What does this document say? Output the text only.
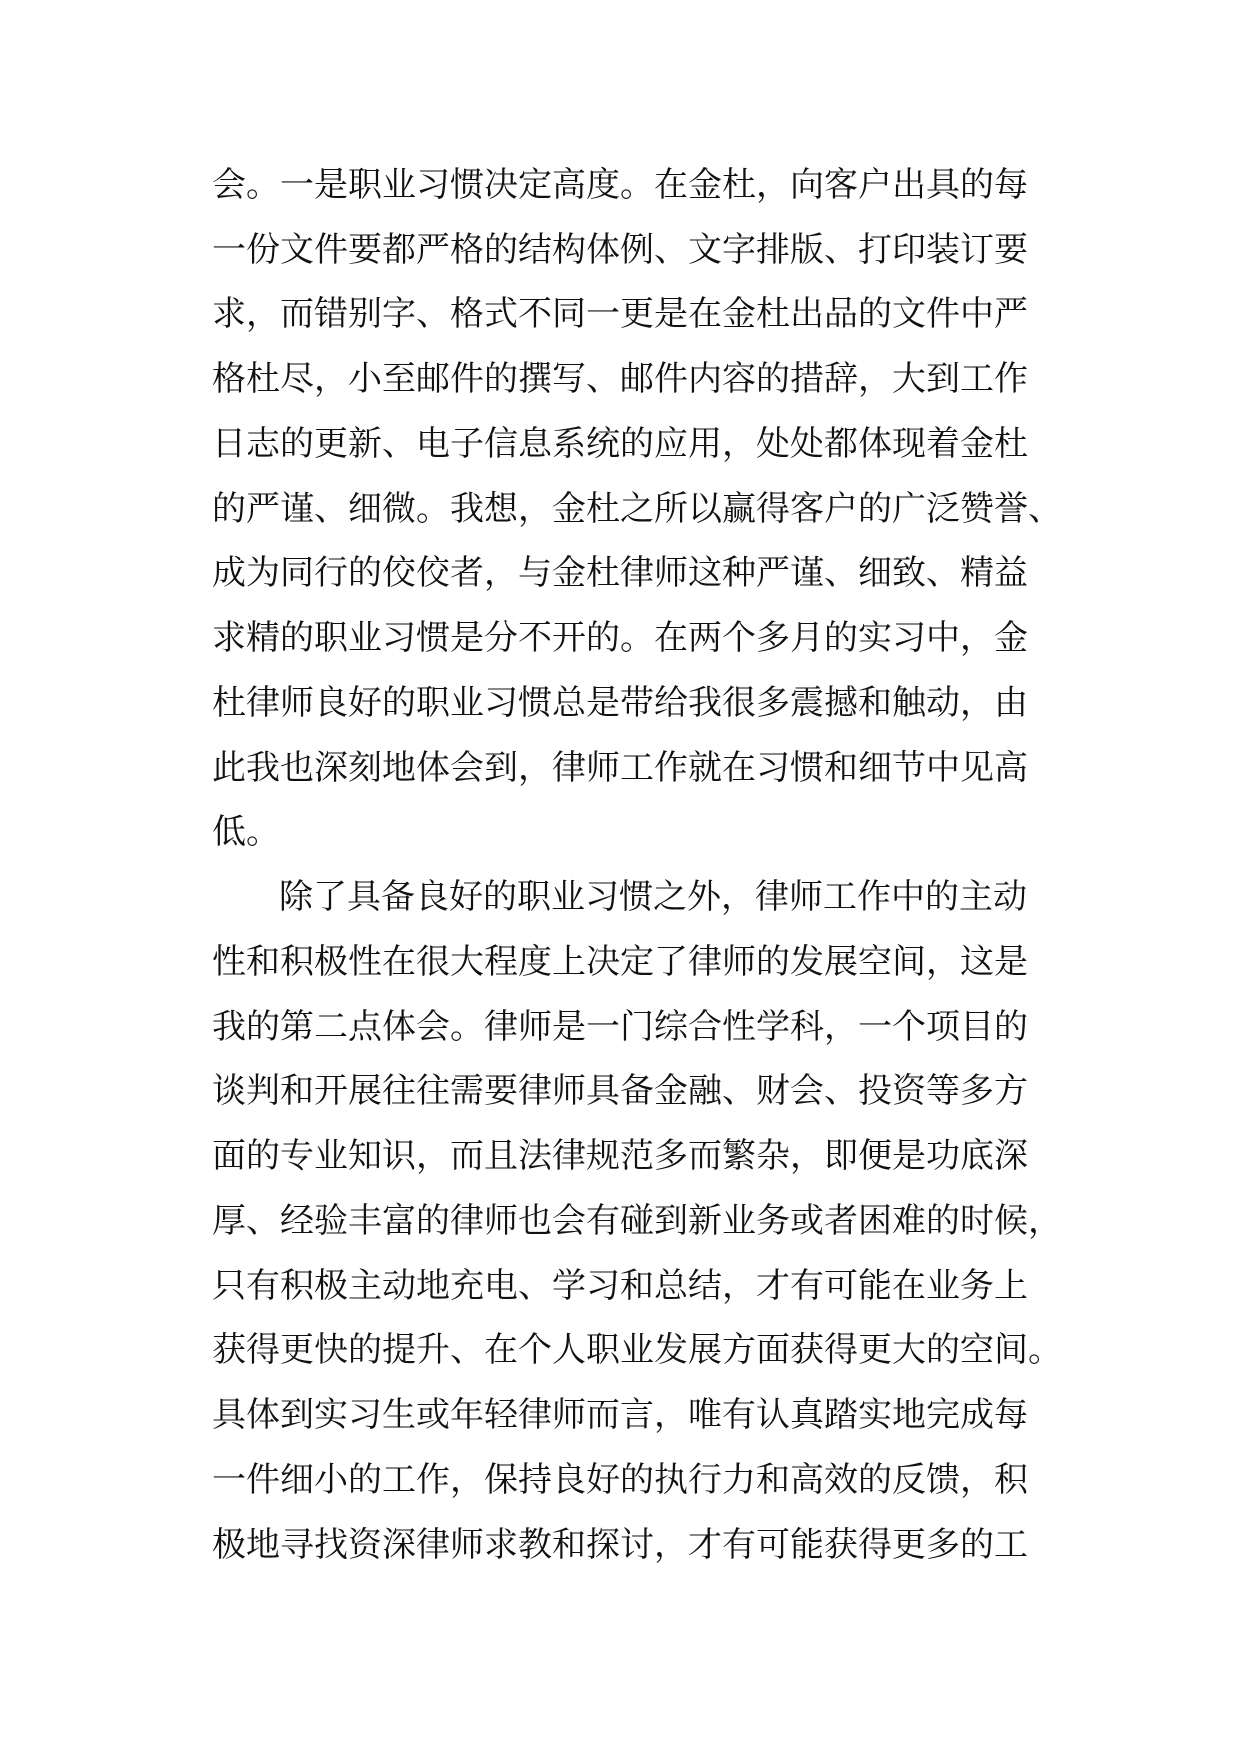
会。一是职业习惯决定高度。在金杜，向客户出具的每
一份文件要都严格的结构体例、文字排版、打印装订要
求，而错别字、格式不同一更是在金杜出品的文件中严
格杜尽，小至邮件的撰写、邮件内容的措辞，大到工作
日志的更新、电子信息系统的应用，处处都体现着金杜
的严谨、细微。我想，金杜之所以赢得客户的广泛赞誉、
成为同行的佼佼者，与金杜律师这种严谨、细致、精益
求精的职业习惯是分不开的。在两个多月的实习中，金
杜律师良好的职业习惯总是带给我很多震撼和触动，由
此我也深刻地体会到，律师工作就在习惯和细节中见高
低。
除了具备良好的职业习惯之外，律师工作中的主动
性和积极性在很大程度上决定了律师的发展空间，这是
我的第二点体会。律师是一门综合性学科，一个项目的
谈判和开展往往需要律师具备金融、财会、投资等多方
面的专业知识，而且法律规范多而繁杂，即便是功底深
厚、经验丰富的律师也会有碰到新业务或者困难的时候，
只有积极主动地充电、学习和总结，才有可能在业务上
获得更快的提升、在个人职业发展方面获得更大的空间。
具体到实习生或年轻律师而言，唯有认真踏实地完成每
一件细小的工作，保持良好的执行力和高效的反馈，积
极地寻找资深律师求教和探讨，才有可能获得更多的工
